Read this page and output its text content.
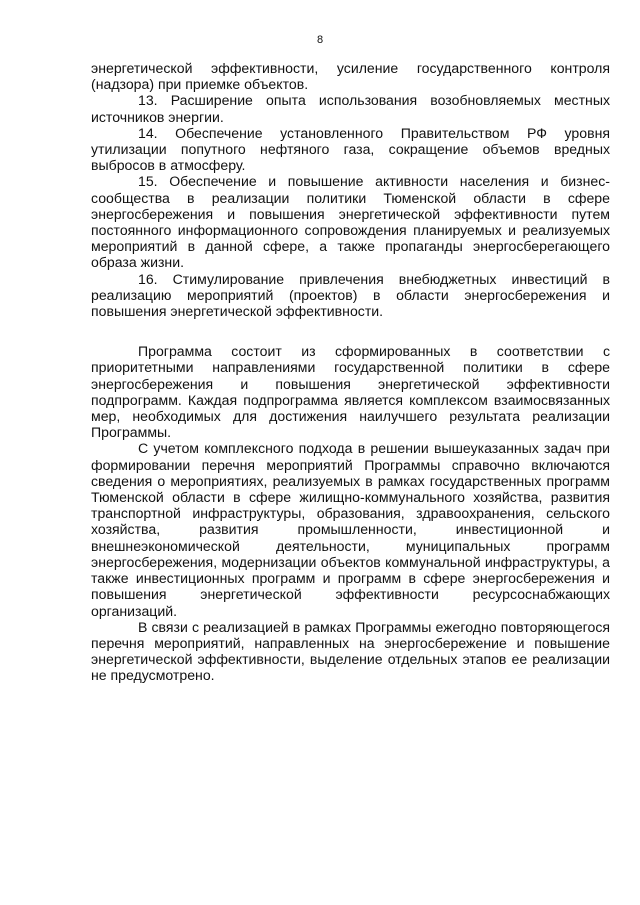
8

энергетической эффективности, усиление государственного контроля (надзора) при приемке объектов.

13. Расширение опыта использования возобновляемых местных источников энергии.

14. Обеспечение установленного Правительством РФ уровня утилизации попутного нефтяного газа, сокращение объемов вредных выбросов в атмосферу.

15. Обеспечение и повышение активности населения и бизнес-сообщества в реализации политики Тюменской области в сфере энергосбережения и повышения энергетической эффективности путем постоянного информационного сопровождения планируемых и реализуемых мероприятий в данной сфере, а также пропаганды энергосберегающего образа жизни.

16. Стимулирование привлечения внебюджетных инвестиций в реализацию мероприятий (проектов) в области энергосбережения и повышения энергетической эффективности.

Программа состоит из сформированных в соответствии с приоритетными направлениями государственной политики в сфере энергосбережения и повышения энергетической эффективности подпрограмм. Каждая подпрограмма является комплексом взаимосвязанных мер, необходимых для достижения наилучшего результата реализации Программы.

С учетом комплексного подхода в решении вышеуказанных задач при формировании перечня мероприятий Программы справочно включаются сведения о мероприятиях, реализуемых в рамках государственных программ Тюменской области в сфере жилищно-коммунального хозяйства, развития транспортной инфраструктуры, образования, здравоохранения, сельского хозяйства, развития промышленности, инвестиционной и внешнеэкономической деятельности, муниципальных программ энергосбережения, модернизации объектов коммунальной инфраструктуры, а также инвестиционных программ и программ в сфере энергосбережения и повышения энергетической эффективности ресурсоснабжающих организаций.

В связи с реализацией в рамках Программы ежегодно повторяющегося перечня мероприятий, направленных на энергосбережение и повышение энергетической эффективности, выделение отдельных этапов ее реализации не предусмотрено.
